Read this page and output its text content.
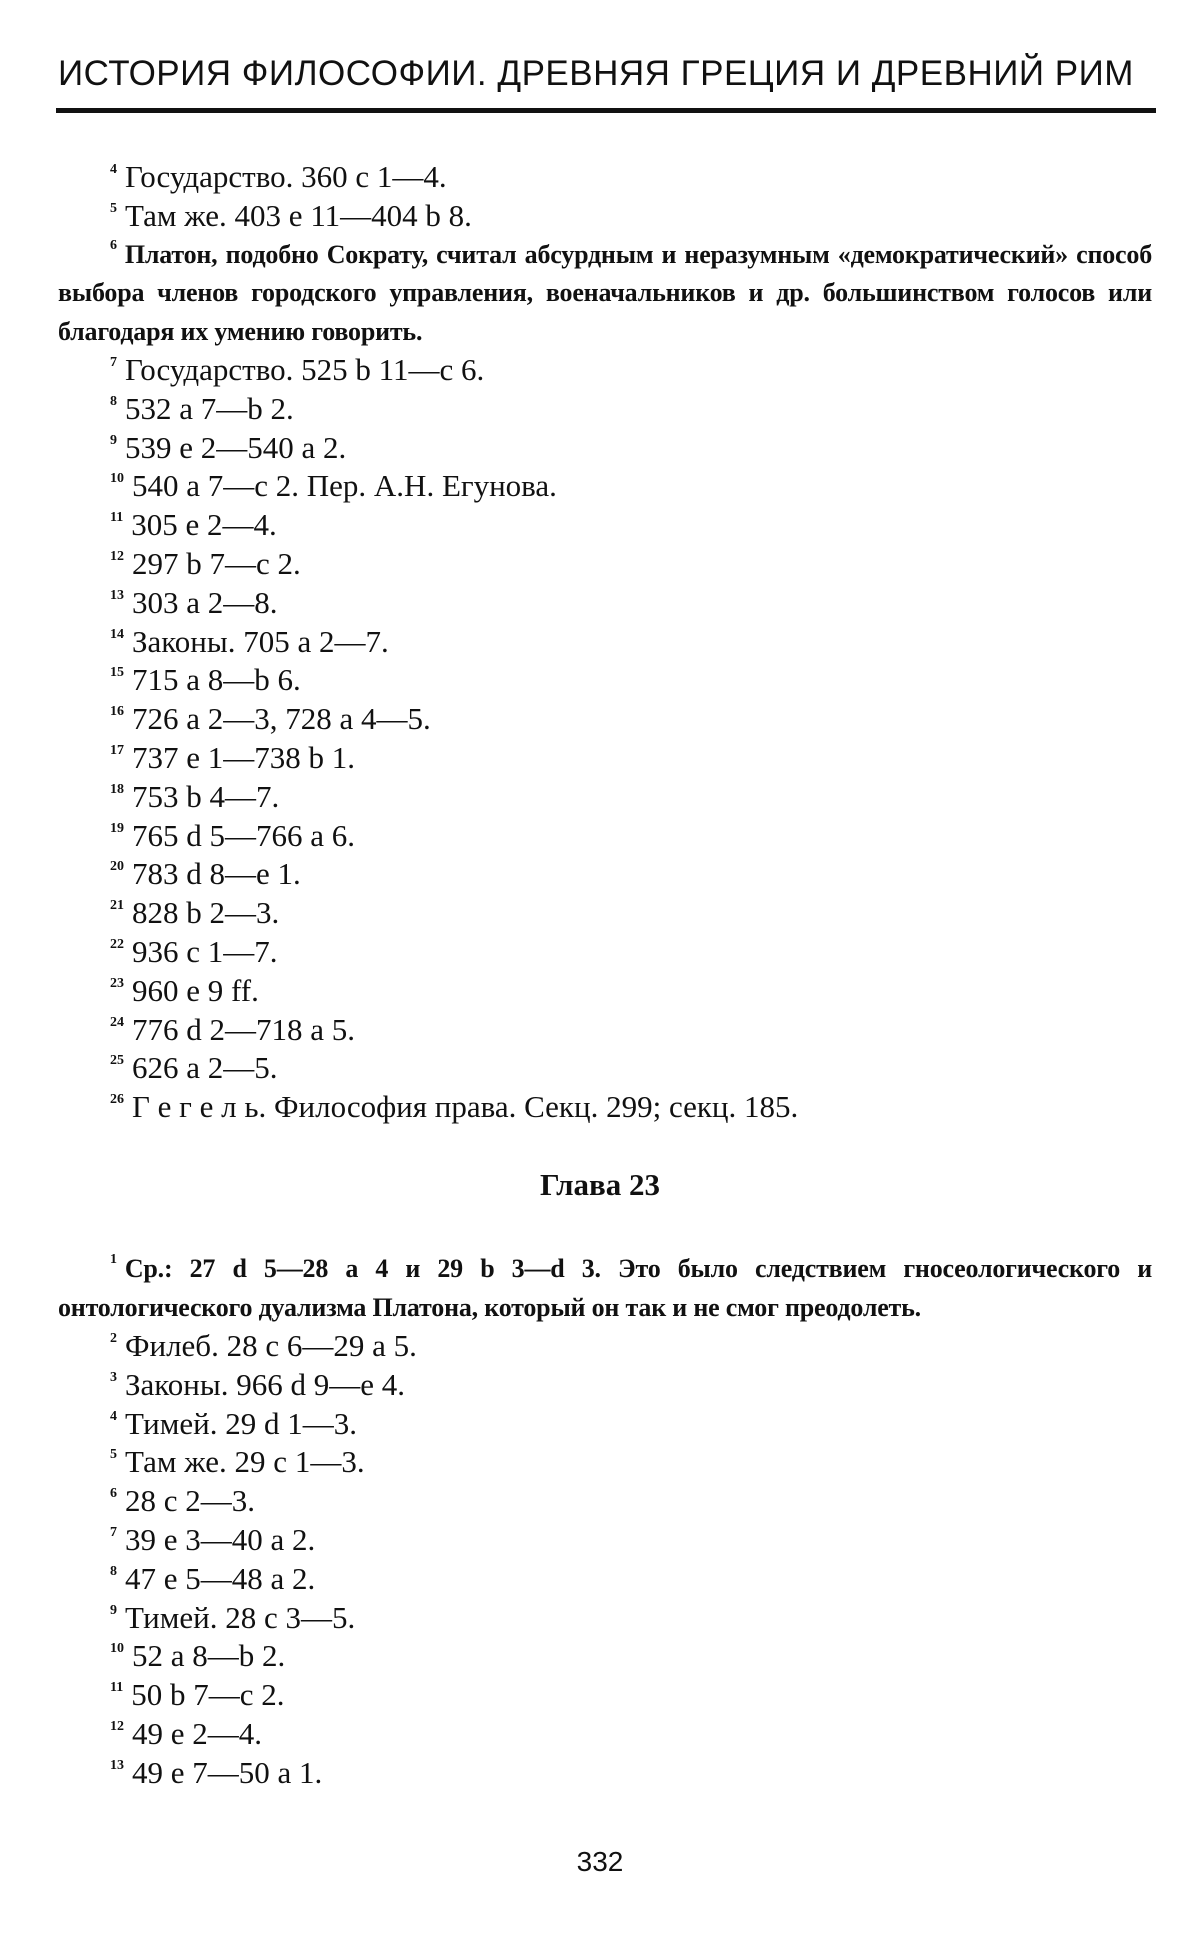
ИСТОРИЯ ФИЛОСОФИИ. ДРЕВНЯЯ ГРЕЦИЯ И ДРЕВНИЙ РИМ
$^4$ Государство. 360 с 1—4.
$^5$ Там же. 403 е 11—404 b 8.
$^6$ Платон, подобно Сократу, считал абсурдным и неразумным «демократический» способ выбора членов городского управления, военачальников и др. большинством голосов или благодаря их умению говорить.
$^7$ Государство. 525 b 11—с 6.
$^8$ 532 а 7—b 2.
$^9$ 539 е 2—540 а 2.
$^{10}$ 540 а 7—с 2. Пер. А.Н. Егунова.
$^{11}$ 305 е 2—4.
$^{12}$ 297 b 7—с 2.
$^{13}$ 303 а 2—8.
$^{14}$ Законы. 705 а 2—7.
$^{15}$ 715 а 8—b 6.
$^{16}$ 726 а 2—3, 728 а 4—5.
$^{17}$ 737 е 1—738 b 1.
$^{18}$ 753 b 4—7.
$^{19}$ 765 d 5—766 а 6.
$^{20}$ 783 d 8—е 1.
$^{21}$ 828 b 2—3.
$^{22}$ 936 с 1—7.
$^{23}$ 960 е 9 ff.
$^{24}$ 776 d 2—718 а 5.
$^{25}$ 626 а 2—5.
$^{26}$ Г е г е л ь. Философия права. Секц. 299; секц. 185.
Глава 23
$^1$ Ср.: 27 d 5—28 а 4 и 29 b 3—d 3. Это было следствием гносеологического и онтологического дуализма Платона, который он так и не смог преодолеть.
$^2$ Филеб. 28 с 6—29 а 5.
$^3$ Законы. 966 d 9—е 4.
$^4$ Тимей. 29 d 1—3.
$^5$ Там же. 29 с 1—3.
$^6$ 28 с 2—3.
$^7$ 39 е 3—40 а 2.
$^8$ 47 е 5—48 а 2.
$^9$ Тимей. 28 с 3—5.
$^{10}$ 52 а 8—b 2.
$^{11}$ 50 b 7—с 2.
$^{12}$ 49 е 2—4.
$^{13}$ 49 е 7—50 а 1.
332
